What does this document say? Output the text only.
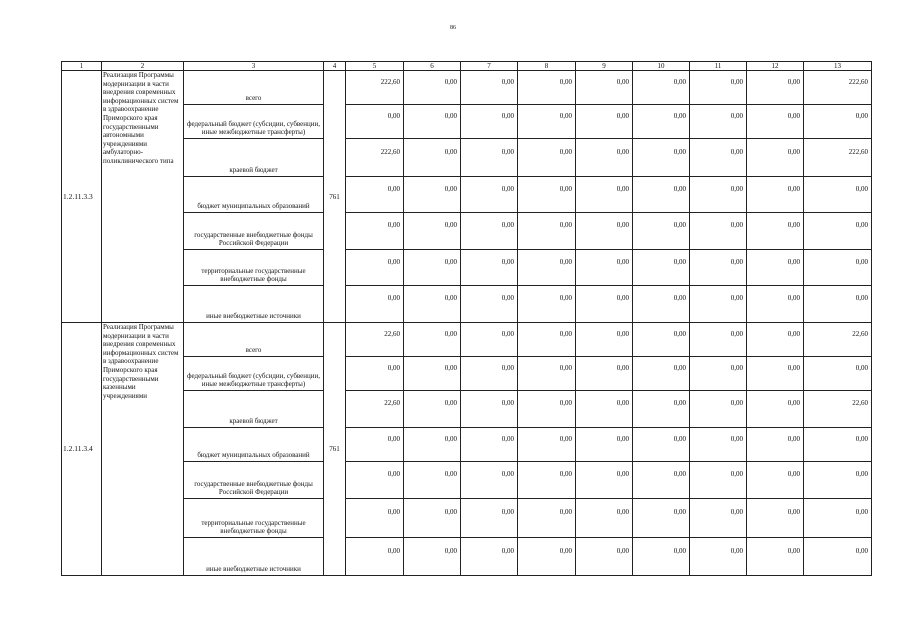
86
1	2	3	4	5	6	7	8	9	10	11	12	13
1.2.11.3.3	Реализация Программы модернизации в части внедрения современных информационных систем в здравоохранение Приморского края государственными автономными учреждениями амбулаторно-поликлинического типа	всего	761	222,60	0,00	0,00	0,00	0,00	0,00	0,00	0,00	222,60

		федеральный бюджет (субсидии, субвенции, иные межбюджетные трансферты)		0,00	0,00	0,00	0,00	0,00	0,00	0,00	0,00	0,00

		краевой бюджет		222,60	0,00	0,00	0,00	0,00	0,00	0,00	0,00	222,60

		бюджет муниципальных образований		0,00	0,00	0,00	0,00	0,00	0,00	0,00	0,00	0,00

		государственные внебюджетные фонды Российской Федерации		0,00	0,00	0,00	0,00	0,00	0,00	0,00	0,00	0,00

		территориальные государственные внебюджетные фонды		0,00	0,00	0,00	0,00	0,00	0,00	0,00	0,00	0,00

		иные внебюджетные источники		0,00	0,00	0,00	0,00	0,00	0,00	0,00	0,00	0,00

1.2.11.3.4	Реализация Программы модернизации в части внедрения современных информационных систем в здравоохранение Приморского края государственными казенными учреждениями	всего	761	22,60	0,00	0,00	0,00	0,00	0,00	0,00	0,00	22,60

		федеральный бюджет (субсидии, субвенции, иные межбюджетные трансферты)		0,00	0,00	0,00	0,00	0,00	0,00	0,00	0,00	0,00

		краевой бюджет		22,60	0,00	0,00	0,00	0,00	0,00	0,00	0,00	22,60

		бюджет муниципальных образований		0,00	0,00	0,00	0,00	0,00	0,00	0,00	0,00	0,00

		государственные внебюджетные фонды Российской Федерации		0,00	0,00	0,00	0,00	0,00	0,00	0,00	0,00	0,00

		территориальные государственные внебюджетные фонды		0,00	0,00	0,00	0,00	0,00	0,00	0,00	0,00	0,00

		иные внебюджетные источники		0,00	0,00	0,00	0,00	0,00	0,00	0,00	0,00	0,00
